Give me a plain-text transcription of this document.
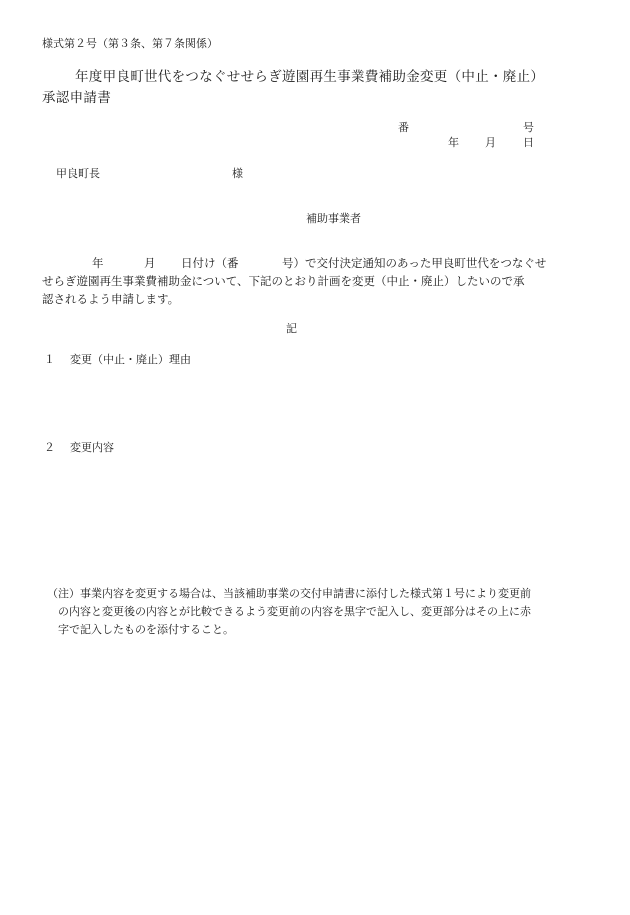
様式第２号（第３条、第７条関係）
年度甲良町世代をつなぐせせらぎ遊園再生事業費補助金変更（中止・廃止）
承認申請書
番	号
年 月 日
甲良町長	様
補助事業者
年	月 日付け（番	号）で交付決定通知のあった甲良町世代をつなぐせ
せらぎ遊園再生事業費補助金について、下記のとおり計画を変更（中止・廃止）したいので承
認されるよう申請します。
記
１ 変更（中止・廃止）理由
２ 変更内容
（注）事業内容を変更する場合は、当該補助事業の交付申請書に添付した様式第１号により変更前
の内容と変更後の内容とが比較できるよう変更前の内容を黒字で記入し、変更部分はその上に赤
字で記入したものを添付すること。
